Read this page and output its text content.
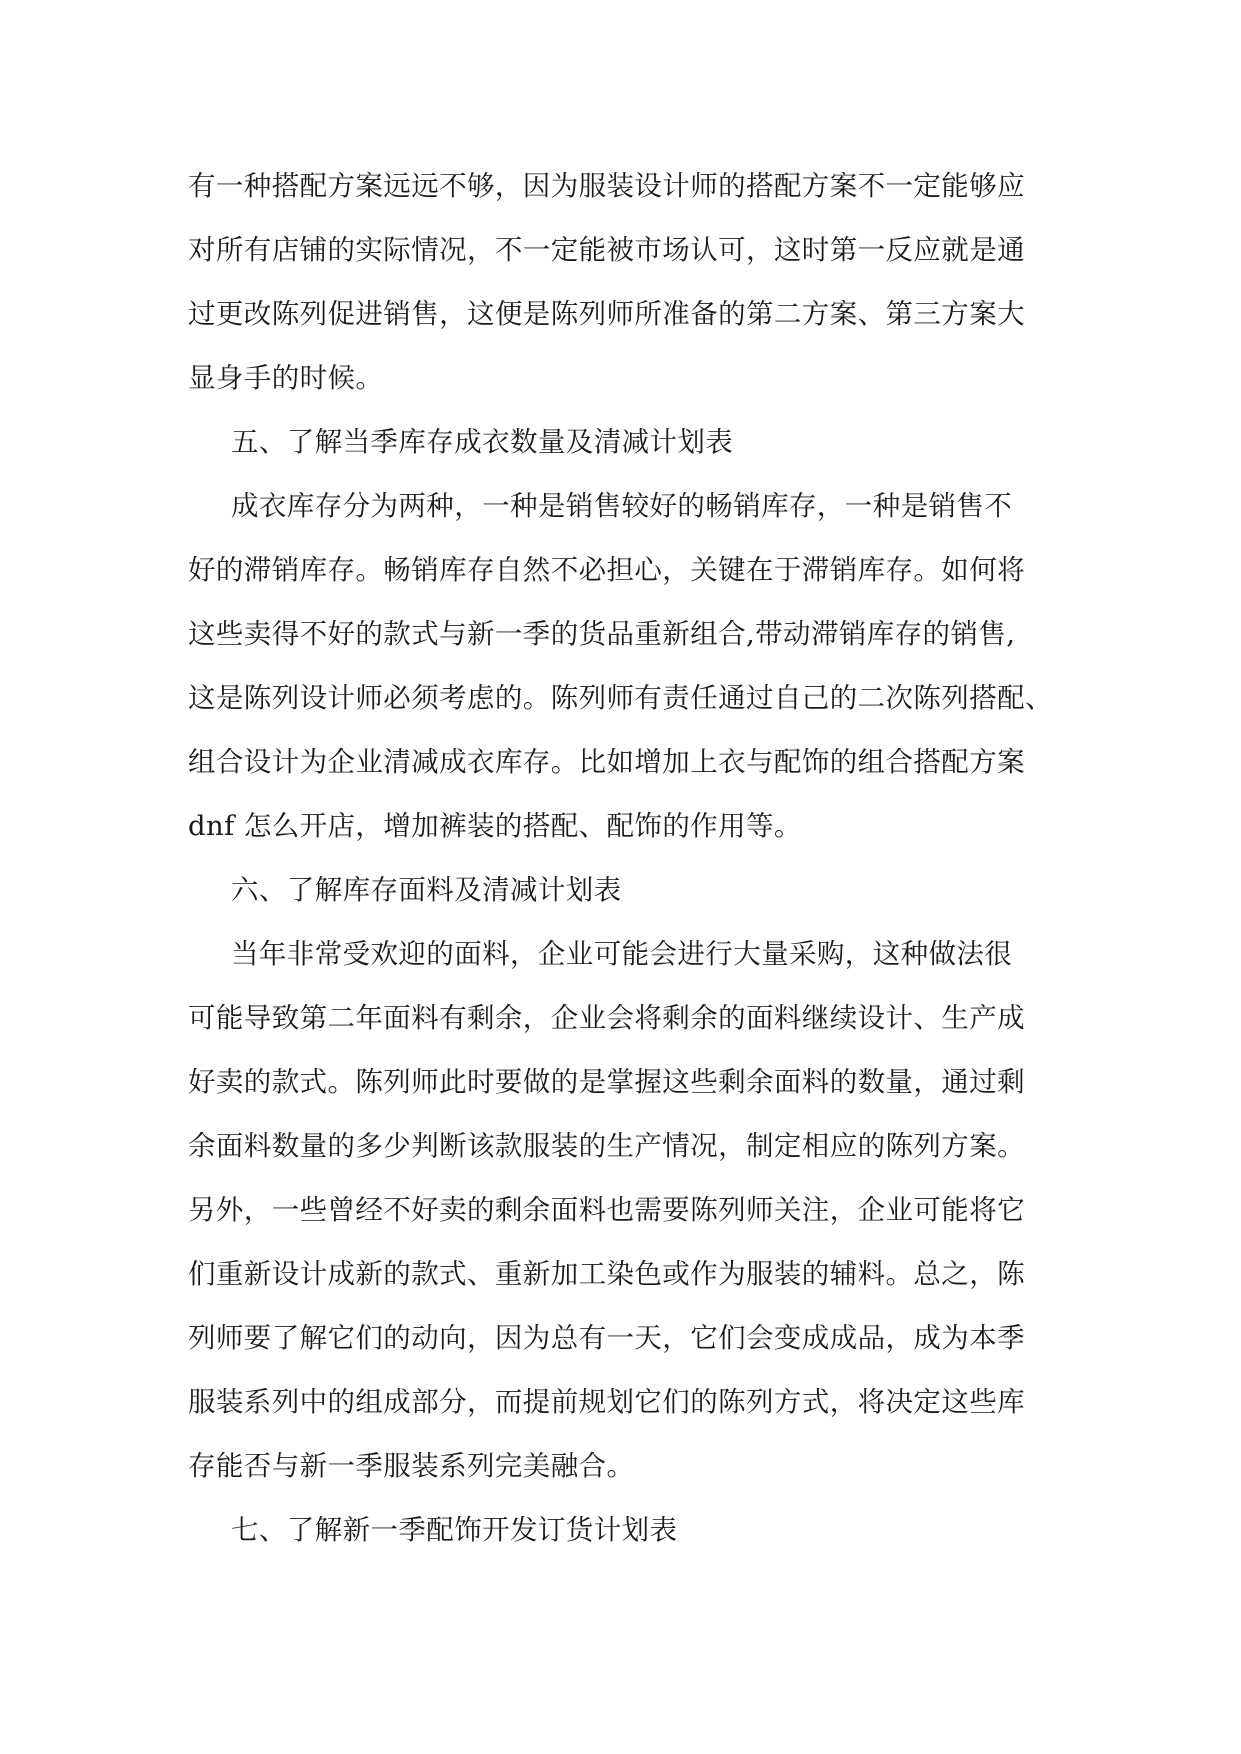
有一种搭配方案远远不够，因为服装设计师的搭配方案不一定能够应
对所有店铺的实际情况，不一定能被市场认可，这时第一反应就是通
过更改陈列促进销售，这便是陈列师所准备的第二方案、第三方案大
显身手的时候。
五、了解当季库存成衣数量及清减计划表
成衣库存分为两种，一种是销售较好的畅销库存，一种是销售不
好的滞销库存。畅销库存自然不必担心，关键在于滞销库存。如何将
这些卖得不好的款式与新一季的货品重新组合,带动滞销库存的销售,
这是陈列设计师必须考虑的。陈列师有责任通过自己的二次陈列搭配、
组合设计为企业清减成衣库存。比如增加上衣与配饰的组合搭配方案
dnf 怎么开店，增加裤装的搭配、配饰的作用等。
六、了解库存面料及清减计划表
当年非常受欢迎的面料，企业可能会进行大量采购，这种做法很
可能导致第二年面料有剩余，企业会将剩余的面料继续设计、生产成
好卖的款式。陈列师此时要做的是掌握这些剩余面料的数量，通过剩
余面料数量的多少判断该款服装的生产情况，制定相应的陈列方案。
另外，一些曾经不好卖的剩余面料也需要陈列师关注，企业可能将它
们重新设计成新的款式、重新加工染色或作为服装的辅料。总之，陈
列师要了解它们的动向，因为总有一天，它们会变成成品，成为本季
服装系列中的组成部分，而提前规划它们的陈列方式，将决定这些库
存能否与新一季服装系列完美融合。
七、了解新一季配饰开发订货计划表
